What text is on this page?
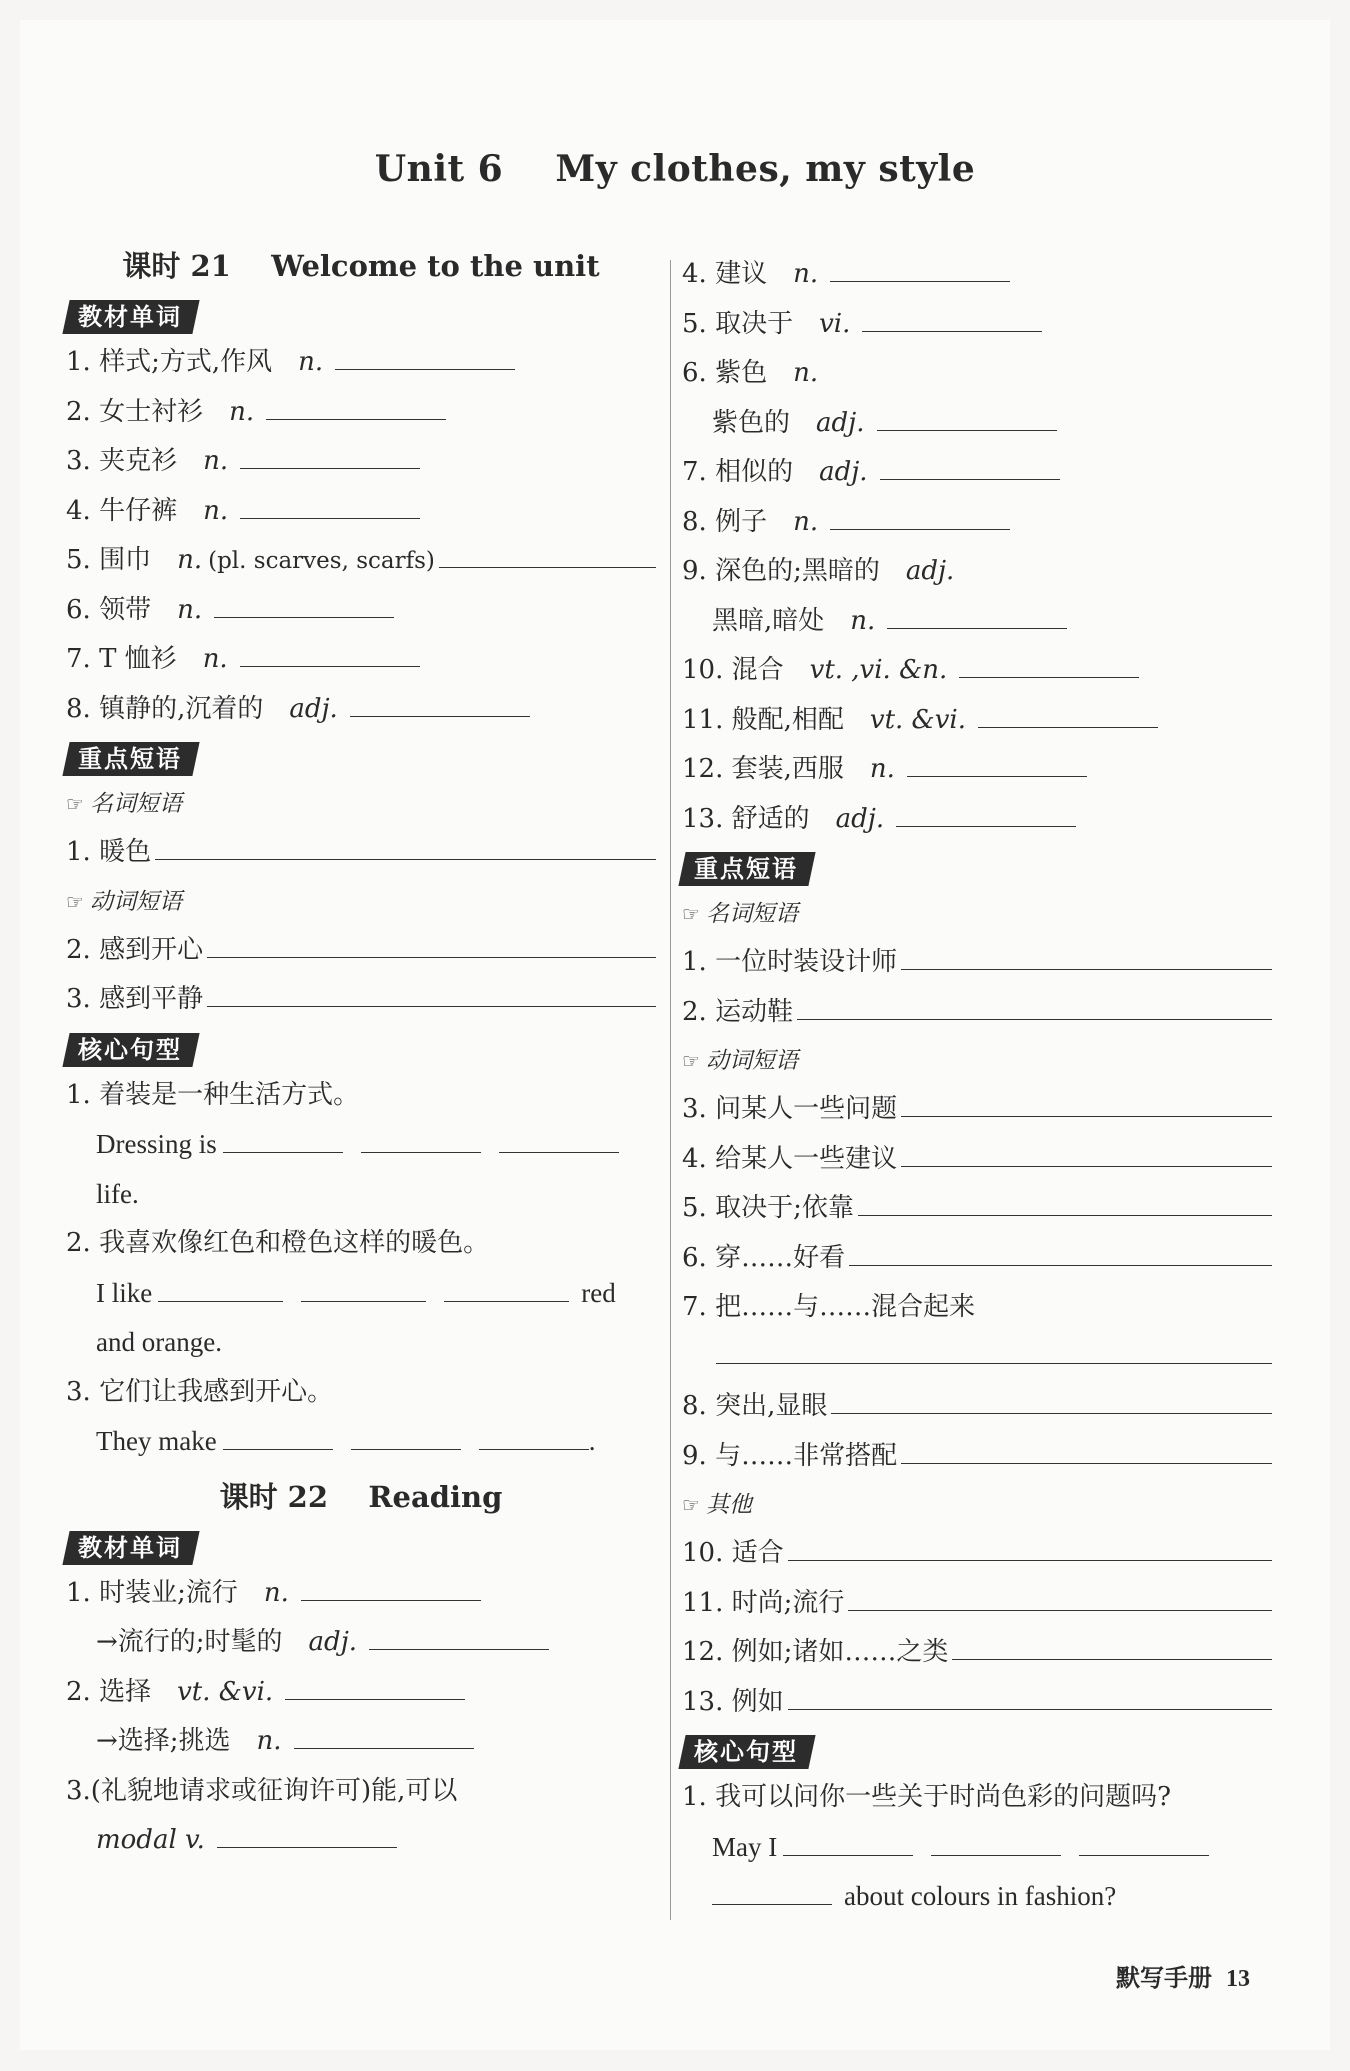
Unit 6    My clothes, my style
课时 21    Welcome to the unit
教材单词
1. 样式;方式,作风 n.
2. 女士衬衫 n.
3. 夹克衫 n.
4. 牛仔裤 n.
5. 围巾 n. (pl. scarves, scarfs)
6. 领带 n.
7. T 恤衫 n.
8. 镇静的,沉着的 adj.
重点短语
☞ 名词短语
1. 暖色
☞ 动词短语
2. 感到开心
3. 感到平静
核心句型
1. 着装是一种生活方式。
Dressing is
life.
2. 我喜欢像红色和橙色这样的暖色。
I like	red
and orange.
3. 它们让我感到开心。
They make	.
课时 22    Reading
教材单词
1. 时装业;流行 n.
→流行的;时髦的 adj.
2. 选择 vt. &vi.
→选择;挑选 n.
3.(礼貌地请求或征询许可)能,可以
modal v.
4. 建议 n.
5. 取决于 vi.
6. 紫色 n.
紫色的 adj.
7. 相似的 adj.
8. 例子 n.
9. 深色的;黑暗的 adj.
黑暗,暗处 n.
10. 混合 vt. ,vi. &n.
11. 般配,相配 vt. &vi.
12. 套装,西服 n.
13. 舒适的 adj.
重点短语
☞ 名词短语
1. 一位时装设计师
2. 运动鞋
☞ 动词短语
3. 问某人一些问题
4. 给某人一些建议
5. 取决于;依靠
6. 穿……好看
7. 把……与……混合起来
8. 突出,显眼
9. 与……非常搭配
☞ 其他
10. 适合
11. 时尚;流行
12. 例如;诸如……之类
13. 例如
核心句型
1. 我可以问你一些关于时尚色彩的问题吗?
May I
about colours in fashion?
默写手册 13
